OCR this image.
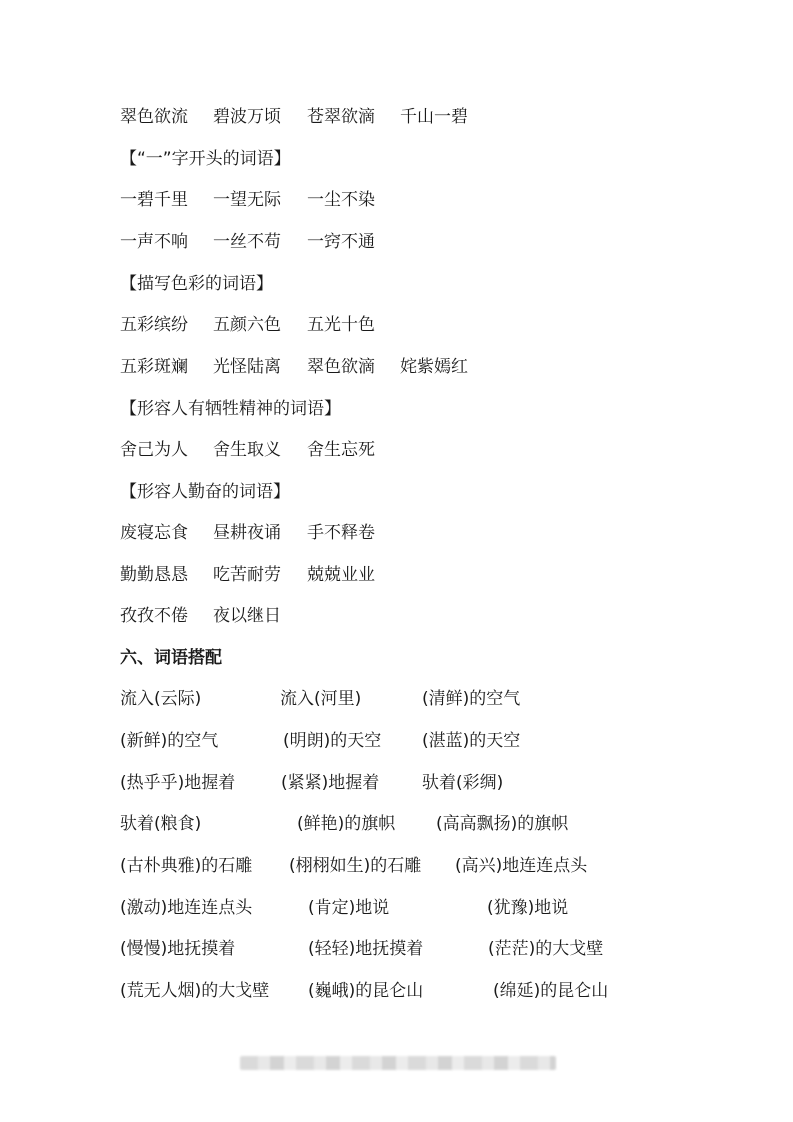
翠色欲流 碧波万顷 苍翠欲滴 千山一碧
【“一”字开头的词语】
一碧千里 一望无际 一尘不染
一声不响 一丝不苟 一窍不通
【描写色彩的词语】
五彩缤纷 五颜六色 五光十色
五彩斑斓 光怪陆离 翠色欲滴 姹紫嫣红
【形容人有牺牲精神的词语】
舍己为人 舍生取义 舍生忘死
【形容人勤奋的词语】
废寝忘食 昼耕夜诵 手不释卷
勤勤恳恳 吃苦耐劳 兢兢业业
孜孜不倦 夜以继日
六、词语搭配
流入(云际)	流入(河里)	(清鲜)的空气
(新鲜)的空气	(明朗)的天空 (湛蓝)的天空
(热乎乎)地握着	(紧紧)地握着	驮着(彩绸)
驮着(粮食)	(鲜艳)的旗帜 (高高飘扬)的旗帜
(古朴典雅)的石雕 (栩栩如生)的石雕 (高兴)地连连点头
(激动)地连连点头	(肯定)地说	(犹豫)地说
(慢慢)地抚摸着	(轻轻)地抚摸着	(茫茫)的大戈壁
(荒无人烟)的大戈壁 (巍峨)的昆仑山	(绵延)的昆仑山
